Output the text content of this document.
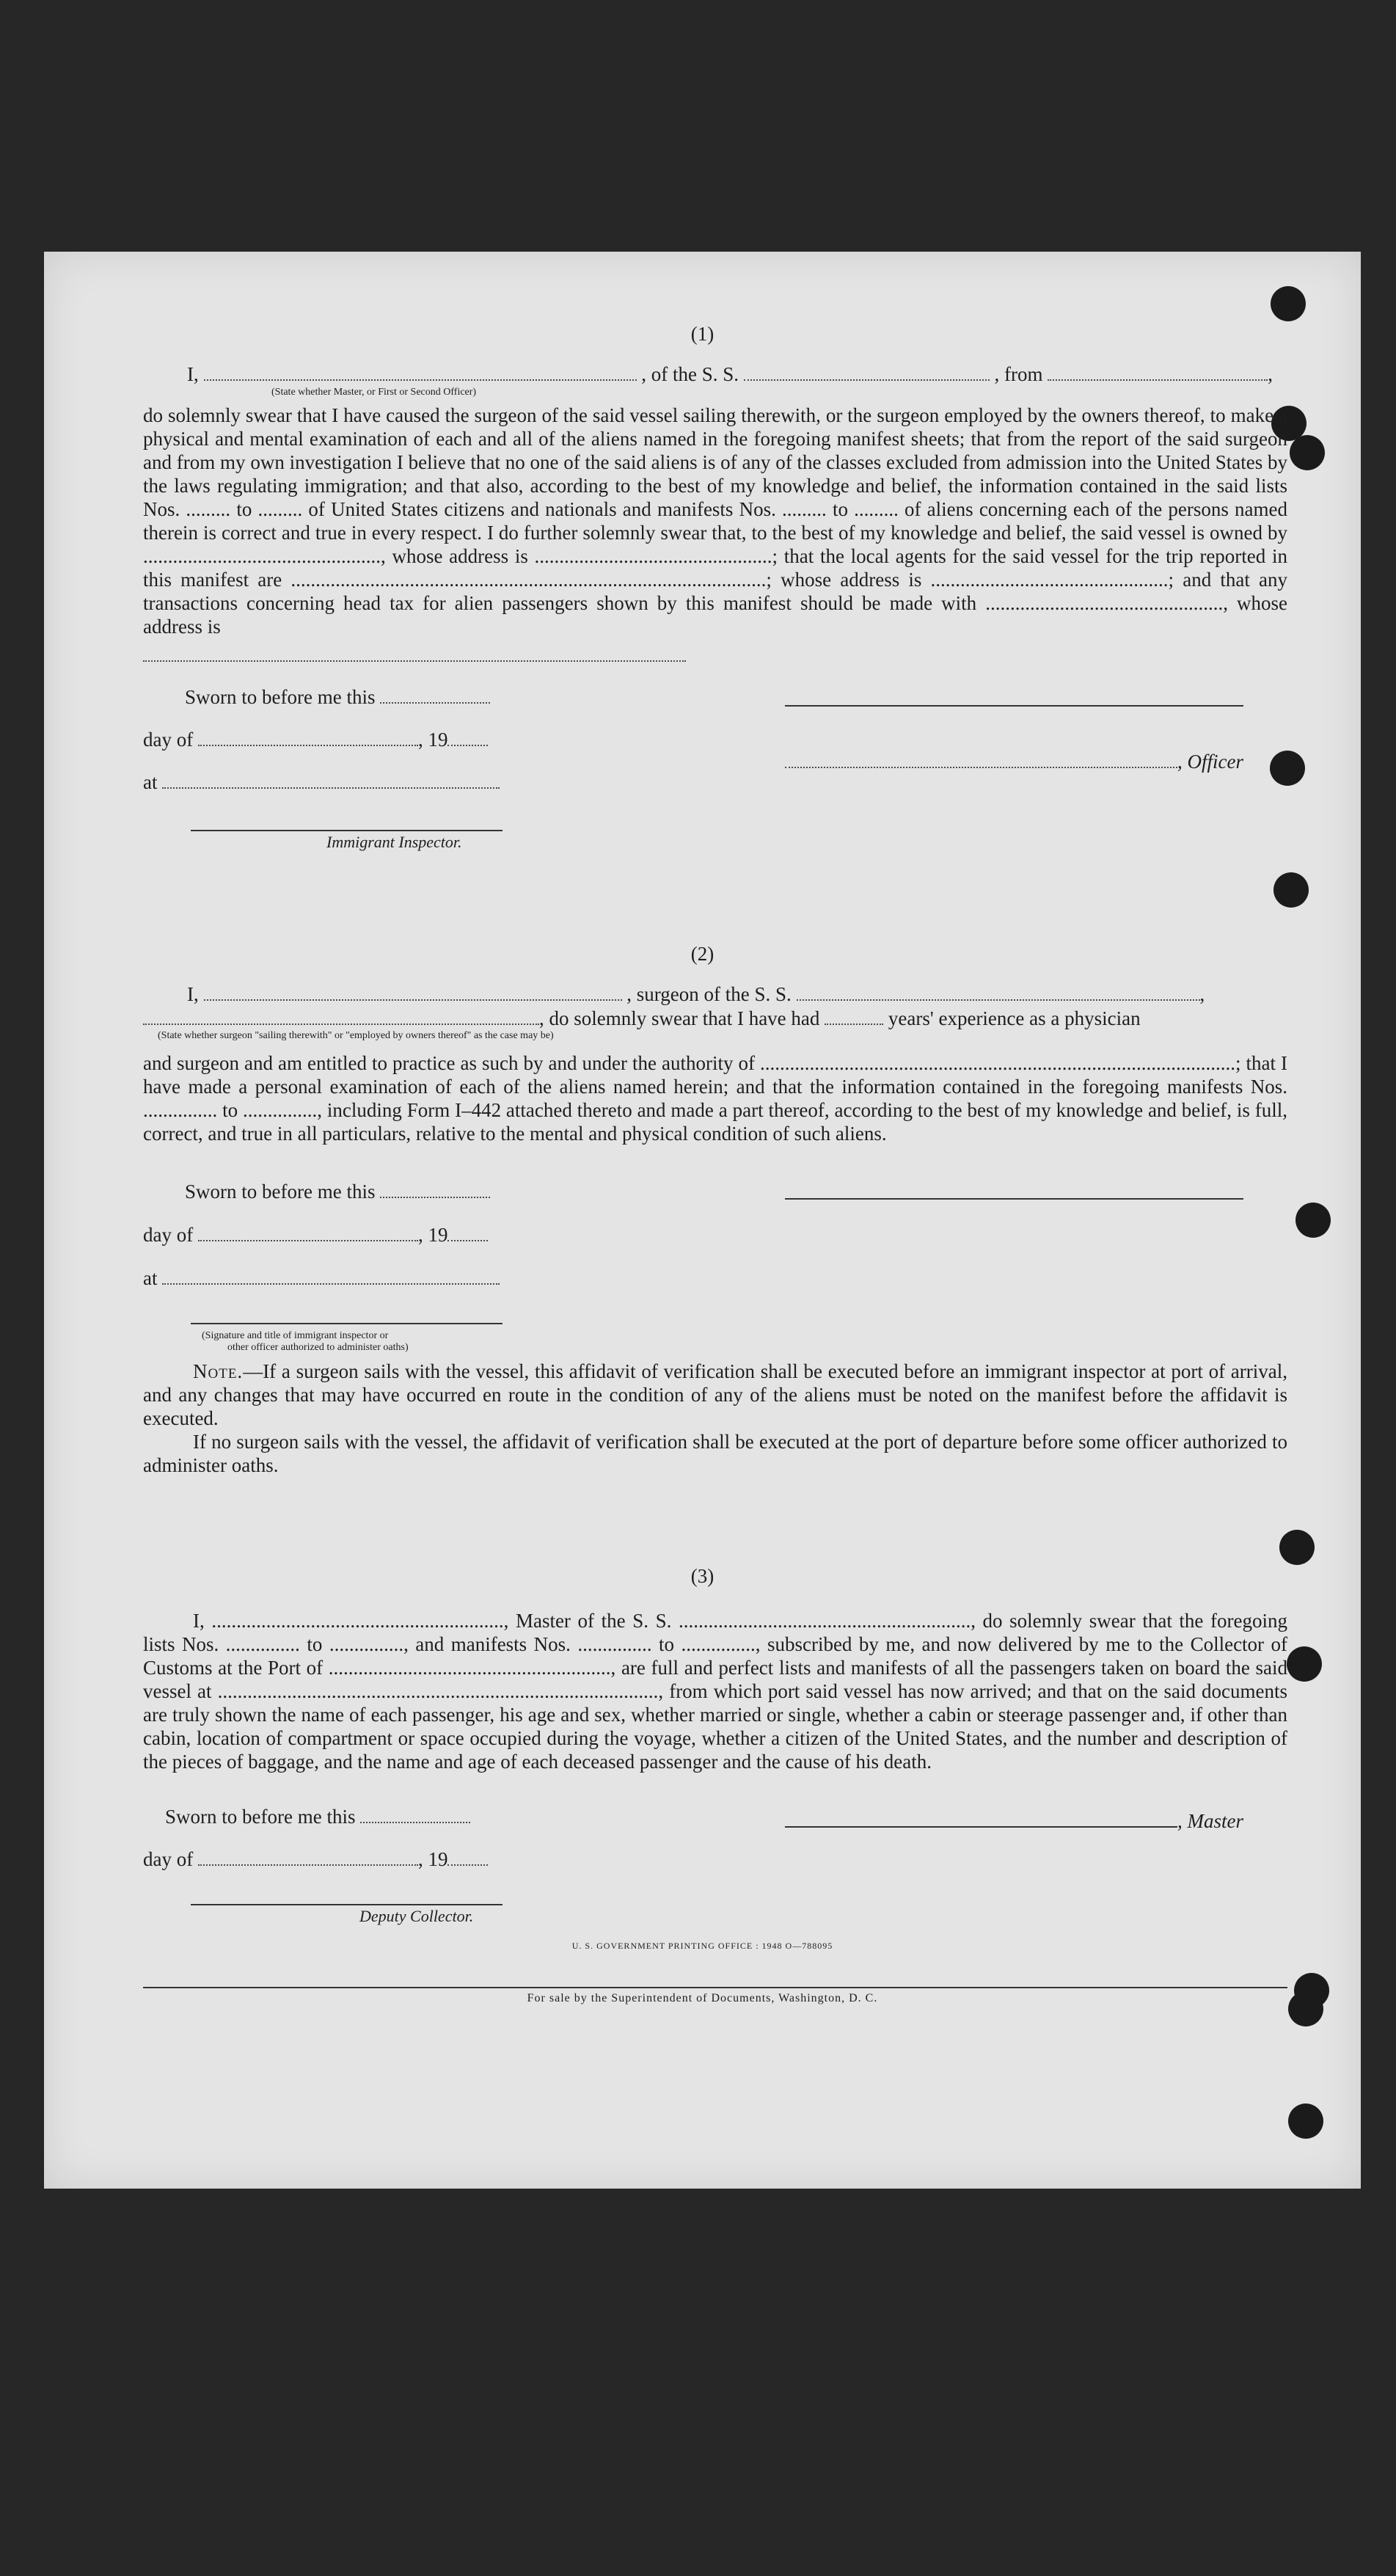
(1)
I,	, of the S. S.	, from	,
(State whether Master, or First or Second Officer)

do solemnly swear that I have caused the surgeon of the said vessel sailing therewith, or the surgeon employed by the owners thereof, to make a physical and mental examination of each and all of the aliens named in the foregoing manifest sheets; that from the report of the said surgeon and from my own investigation I believe that no one of the said aliens is of any of the classes excluded from admission into the United States by the laws regulating immigration; and that also, according to the best of my knowledge and belief, the information contained in the said lists Nos. ......... to ......... of United States citizens and nationals and manifests Nos. ......... to ......... of aliens concerning each of the persons named therein is correct and true in every respect. I do further solemnly swear that, to the best of my knowledge and belief, the said vessel is owned by ................................................, whose address is ................................................; that the local agents for the said vessel for the trip reported in this manifest are ................................................................................................; whose address is ................................................; and that any transactions concerning head tax for alien passengers shown by this manifest should be made with ................................................, whose address is

Sworn to before me this
day of	, 19
, Officer
at
Immigrant Inspector.
(2)
I,	, surgeon of the S. S.	,
, do solemnly swear that I have had	years' experience as a physician
(State whether surgeon "sailing therewith" or "employed by owners thereof" as the case may be)

and surgeon and am entitled to practice as such by and under the authority of ................................................................................................; that I have made a personal examination of each of the aliens named herein; and that the information contained in the foregoing manifests Nos. ............... to ..............., including Form I–442 attached thereto and made a part thereof, according to the best of my knowledge and belief, is full, correct, and true in all particulars, relative to the mental and physical condition of such aliens.

Sworn to before me this
day of	, 19
at
(Signature and title of immigrant inspector or
other officer authorized to administer oaths)

Note.—If a surgeon sails with the vessel, this affidavit of verification shall be executed before an immigrant inspector at port of arrival, and any changes that may have occurred en route in the condition of any of the aliens must be noted on the manifest before the affidavit is executed.

If no surgeon sails with the vessel, the affidavit of verification shall be executed at the port of departure before some officer authorized to administer oaths.

(3)

I, ..........................................................., Master of the S. S. ..........................................................., do solemnly swear that the foregoing lists Nos. ............... to ..............., and manifests Nos. ............... to ..............., subscribed by me, and now delivered by me to the Collector of Customs at the Port of ........................................................., are full and perfect lists and manifests of all the passengers taken on board the said vessel at ........................................................................................., from which port said vessel has now arrived; and that on the said documents are truly shown the name of each passenger, his age and sex, whether married or single, whether a cabin or steerage passenger and, if other than cabin, location of compartment or space occupied during the voyage, whether a citizen of the United States, and the number and description of the pieces of baggage, and the name and age of each deceased passenger and the cause of his death.

Sworn to before me this	, Master
day of	, 19
Deputy Collector.
U. S. GOVERNMENT PRINTING OFFICE : 1948 O—788095
For sale by the Superintendent of Documents, Washington, D. C.
